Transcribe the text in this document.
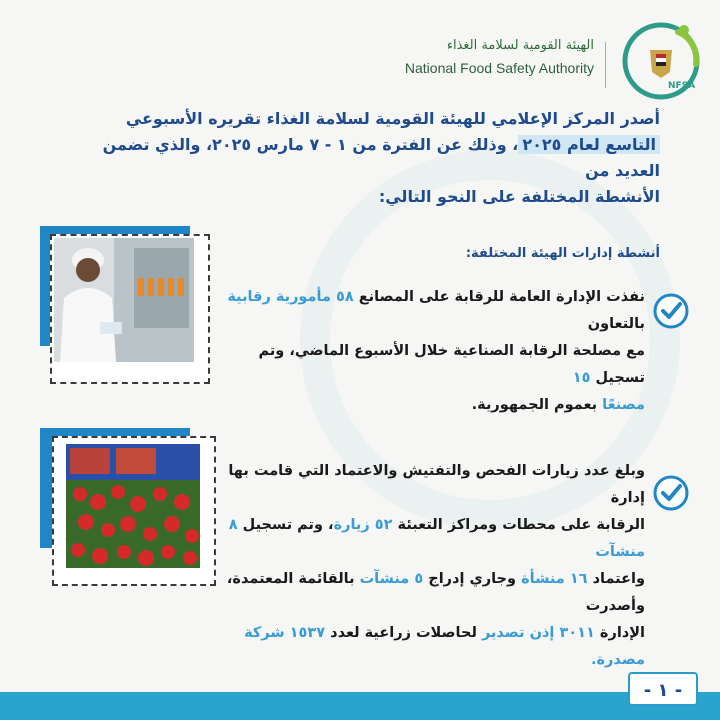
NFSA
الهيئة القومية لسلامة الغذاء
National Food Safety Authority
أصدر المركز الإعلامي للهيئة القومية لسلامة الغذاء تقريره الأسبوعي
التاسع لعام ٢٠٢٥، وذلك عن الفترة من ١ - ٧ مارس ٢٠٢٥، والذي تضمن العديد من
الأنشطة المختلفة على النحو التالي:
أنشطة إدارات الهيئة المختلفة:
نفذت الإدارة العامة للرقابة على المصانع ٥٨ مأمورية رقابية بالتعاون
مع مصلحة الرقابة الصناعية خلال الأسبوع الماضي، وتم تسجيل ١٥
مصنعًا بعموم الجمهورية.
وبلغ عدد زيارات الفحص والتفتيش والاعتماد التي قامت بها إدارة
الرقابة على محطات ومراكز التعبئة ٥٢ زيارة، وتم تسجيل ٨ منشآت
واعتماد ١٦ منشأة وجاري إدراج ٥ منشآت بالقائمة المعتمدة، وأصدرت
الإدارة ٣٠١١ إذن تصدير لحاصلات زراعية لعدد ١٥٣٧ شركة مصدرة.
- ١ -
